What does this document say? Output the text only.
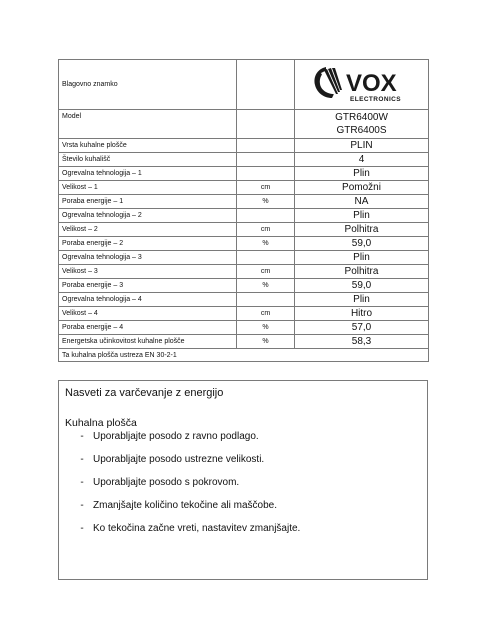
Blagovno znamko		VOX
ELECTRONICS

Model		GTR6400W
GTR6400S

Vrsta kuhalne plošče		PLIN
Število kuhališč		4
Ogrevalna tehnologija – 1		Plin
Velikost – 1	cm	Pomožni
Poraba energije – 1	%	NA
Ogrevalna tehnologija – 2		Plin
Velikost – 2	cm	Polhitra
Poraba energije – 2	%	59,0
Ogrevalna tehnologija – 3		Plin
Velikost – 3	cm	Polhitra
Poraba energije – 3	%	59,0
Ogrevalna tehnologija – 4		Plin
Velikost – 4	cm	Hitro
Poraba energije – 4	%	57,0
Energetska učinkovitost kuhalne plošče	%	58,3
Ta kuhalna plošča ustreza EN 30-2-1		

Nasveti za varčevanje z energijo

Kuhalna plošča

- Uporabljajte posodo z ravno podlago.
- Uporabljajte posodo ustrezne velikosti.
- Uporabljajte posodo s pokrovom.
- Zmanjšajte količino tekočine ali maščobe.
- Ko tekočina začne vreti, nastavitev zmanjšajte.
